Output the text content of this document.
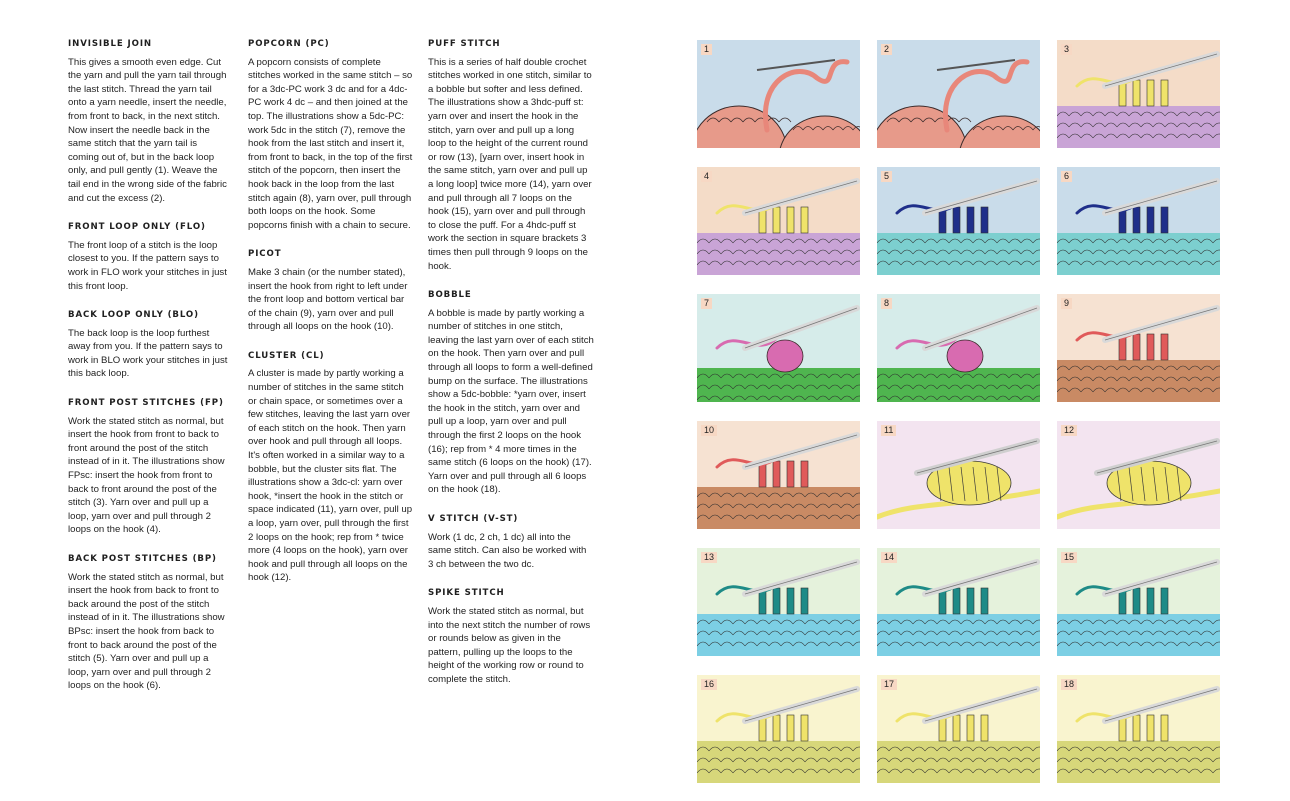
INVISIBLE JOIN

This gives a smooth even edge. Cut the yarn and pull the yarn tail through the last stitch. Thread the yarn tail onto a yarn needle, insert the needle, from front to back, in the next stitch. Now insert the needle back in the same stitch that the yarn tail is coming out of, but in the back loop only, and pull gently (1). Weave the tail end in the wrong side of the fabric and cut the excess (2).

FRONT LOOP ONLY (FLO)

The front loop of a stitch is the loop closest to you. If the pattern says to work in FLO work your stitches in just this front loop.

BACK LOOP ONLY (BLO)

The back loop is the loop furthest away from you. If the pattern says to work in BLO work your stitches in just this back loop.

FRONT POST STITCHES (FP)

Work the stated stitch as normal, but insert the hook from front to back to front around the post of the stitch instead of in it. The illustrations show FPsc: insert the hook from front to back to front around the post of the stitch (3). Yarn over and pull up a loop, yarn over and pull through 2 loops on the hook (4).

BACK POST STITCHES (BP)

Work the stated stitch as normal, but insert the hook from back to front to back around the post of the stitch instead of in it. The illustrations show BPsc: insert the hook from back to front to back around the post of the stitch (5). Yarn over and pull up a loop, yarn over and pull through 2 loops on the hook (6).

POPCORN (PC)

A popcorn consists of complete stitches worked in the same stitch – so for a 3dc-PC work 3 dc and for a 4dc-PC work 4 dc – and then joined at the top. The illustrations show a 5dc-PC: work 5dc in the stitch (7), remove the hook from the last stitch and insert it, from front to back, in the top of the first stitch of the popcorn, then insert the hook back in the loop from the last stitch again (8), yarn over, pull through both loops on the hook. Some popcorns finish with a chain to secure.

PICOT

Make 3 chain (or the number stated), insert the hook from right to left under the front loop and bottom vertical bar of the chain (9), yarn over and pull through all loops on the hook (10).

CLUSTER (CL)

A cluster is made by partly working a number of stitches in the same stitch or chain space, or sometimes over a few stitches, leaving the last yarn over of each stitch on the hook. Then yarn over hook and pull through all loops. It's often worked in a similar way to a bobble, but the cluster sits flat. The illustrations show a 3dc-cl: yarn over hook, *insert the hook in the stitch or space indicated (11), yarn over, pull up a loop, yarn over, pull through the first 2 loops on the hook; rep from * twice more (4 loops on the hook), yarn over hook and pull through all loops on the hook (12).

PUFF STITCH

This is a series of half double crochet stitches worked in one stitch, similar to a bobble but softer and less defined. The illustrations show a 3hdc-puff st: yarn over and insert the hook in the stitch, yarn over and pull up a long loop to the height of the current round or row (13), [yarn over, insert hook in the same stitch, yarn over and pull up a long loop] twice more (14), yarn over and pull through all 7 loops on the hook (15), yarn over and pull through to close the puff. For a 4hdc-puff st work the section in square brackets 3 times then pull through 9 loops on the hook.

BOBBLE

A bobble is made by partly working a number of stitches in one stitch, leaving the last yarn over of each stitch on the hook. Then yarn over and pull through all loops to form a well-defined bump on the surface. The illustrations show a 5dc-bobble: *yarn over, insert the hook in the stitch, yarn over and pull up a loop, yarn over and pull through the first 2 loops on the hook (16); rep from * 4 more times in the same stitch (6 loops on the hook) (17). Yarn over and pull through all 6 loops on the hook (18).

V STITCH (V-ST)

Work (1 dc, 2 ch, 1 dc) all into the same stitch. Can also be worked with 3 ch between the two dc.

SPIKE STITCH

Work the stated stitch as normal, but into the next stitch the number of rows or rounds below as given in the pattern, pulling up the loops to the height of the working row or round to complete the stitch.

1	2	3
4	5	6
7	8	9
10	11	12
13	14	15
16	17	18
